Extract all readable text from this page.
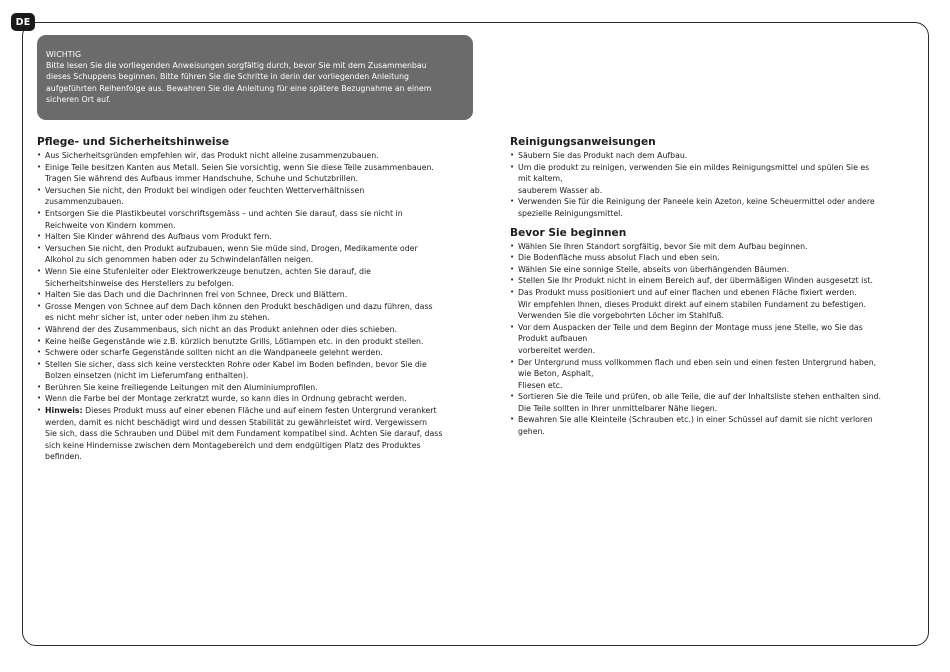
DE
WICHTIG
Bitte lesen Sie die vorliegenden Anweisungen sorgfältig durch, bevor Sie mit dem Zusammenbau
dieses Schuppens beginnen. Bitte führen Sie die Schritte in derin der vorliegenden Anleitung
aufgeführten Reihenfolge aus. Bewahren Sie die Anleitung für eine spätere Bezugnahme an einem
sicheren Ort auf.
Pflege- und Sicherheitshinweise
• Aus Sicherheitsgründen empfehlen wir, das Produkt nicht alleine zusammenzubauen.
• Einige Teile besitzen Kanten aus Metall. Seien Sie vorsichtig, wenn Sie diese Teile zusammenbauen.
Tragen Sie während des Aufbaus immer Handschuhe, Schuhe und Schutzbrillen.
• Versuchen Sie nicht, den Produkt bei windigen oder feuchten Wetterverhältnissen
zusammenzubauen.
• Entsorgen Sie die Plastikbeutel vorschriftsgemäss – und achten Sie darauf, dass sie nicht in
Reichweite von Kindern kommen.
• Halten Sie Kinder während des Aufbaus vom Produkt fern.
• Versuchen Sie nicht, den Produkt aufzubauen, wenn Sie müde sind, Drogen, Medikamente oder
Alkohol zu sich genommen haben oder zu Schwindelanfällen neigen.
• Wenn Sie eine Stufenleiter oder Elektrowerkzeuge benutzen, achten Sie darauf, die
Sicherheitshinweise des Herstellers zu befolgen.
• Halten Sie das Dach und die Dachrinnen frei von Schnee, Dreck und Blättern.
• Grosse Mengen von Schnee auf dem Dach können den Produkt beschädigen und dazu führen, dass
es nicht mehr sicher ist, unter oder neben ihm zu stehen.
• Während der des Zusammenbaus, sich nicht an das Produkt anlehnen oder dies schieben.
• Keine heiße Gegenstände wie z.B. kürzlich benutzte Grills, Lötlampen etc. in den produkt stellen.
• Schwere oder scharfe Gegenstände sollten nicht an die Wandpaneele gelehnt werden.
• Stellen Sie sicher, dass sich keine versteckten Rohre oder Kabel im Boden befinden, bevor Sie die
Bolzen einsetzen (nicht im Lieferumfang enthalten).
• Berühren Sie keine freiliegende Leitungen mit den Aluminiumprofilen.
• Wenn die Farbe bei der Montage zerkratzt wurde, so kann dies in Ordnung gebracht werden.
• Hinweis: Dieses Produkt muss auf einer ebenen Fläche und auf einem festen Untergrund verankert
werden, damit es nicht beschädigt wird und dessen Stabilität zu gewährleistet wird. Vergewissern
Sie sich, dass die Schrauben und Dübel mit dem Fundament kompatibel sind. Achten Sie darauf, dass
sich keine Hindernisse zwischen dem Montagebereich und dem endgültigen Platz des Produktes
befinden.
Reinigungsanweisungen
• Säubern Sie das Produkt nach dem Aufbau.
• Um die produkt zu reinigen, verwenden Sie ein mildes Reinigungsmittel und spülen Sie es
mit kaltem,
sauberem Wasser ab.
• Verwenden Sie für die Reinigung der Paneele kein Azeton, keine Scheuermittel oder andere
spezielle Reinigungsmittel.
Bevor Sie beginnen
• Wählen Sie Ihren Standort sorgfältig, bevor Sie mit dem Aufbau beginnen.
• Die Bodenfläche muss absolut Flach und eben sein.
• Wählen Sie eine sonnige Stelle, abseits von überhängenden Bäumen.
• Stellen Sie Ihr Produkt nicht in einem Bereich auf, der übermäßigen Winden ausgesetzt ist.
• Das Produkt muss positioniert und auf einer flachen und ebenen Fläche fixiert werden.
Wir empfehlen Ihnen, dieses Produkt direkt auf einem stabilen Fundament zu befestigen.
Verwenden Sie die vorgebohrten Löcher im Stahlfuß.
• Vor dem Auspacken der Teile und dem Beginn der Montage muss jene Stelle, wo Sie das
Produkt aufbauen
vorbereitet werden.
• Der Untergrund muss vollkommen flach und eben sein und einen festen Untergrund haben,
wie Beton, Asphalt,
Fliesen etc.
• Sortieren Sie die Teile und prüfen, ob alle Teile, die auf der Inhaltsliste stehen enthalten sind.
Die Teile sollten in Ihrer unmittelbarer Nähe liegen.
• Bewahren Sie alle Kleinteile (Schrauben etc.) in einer Schüssel auf damit sie nicht verloren
gehen.
